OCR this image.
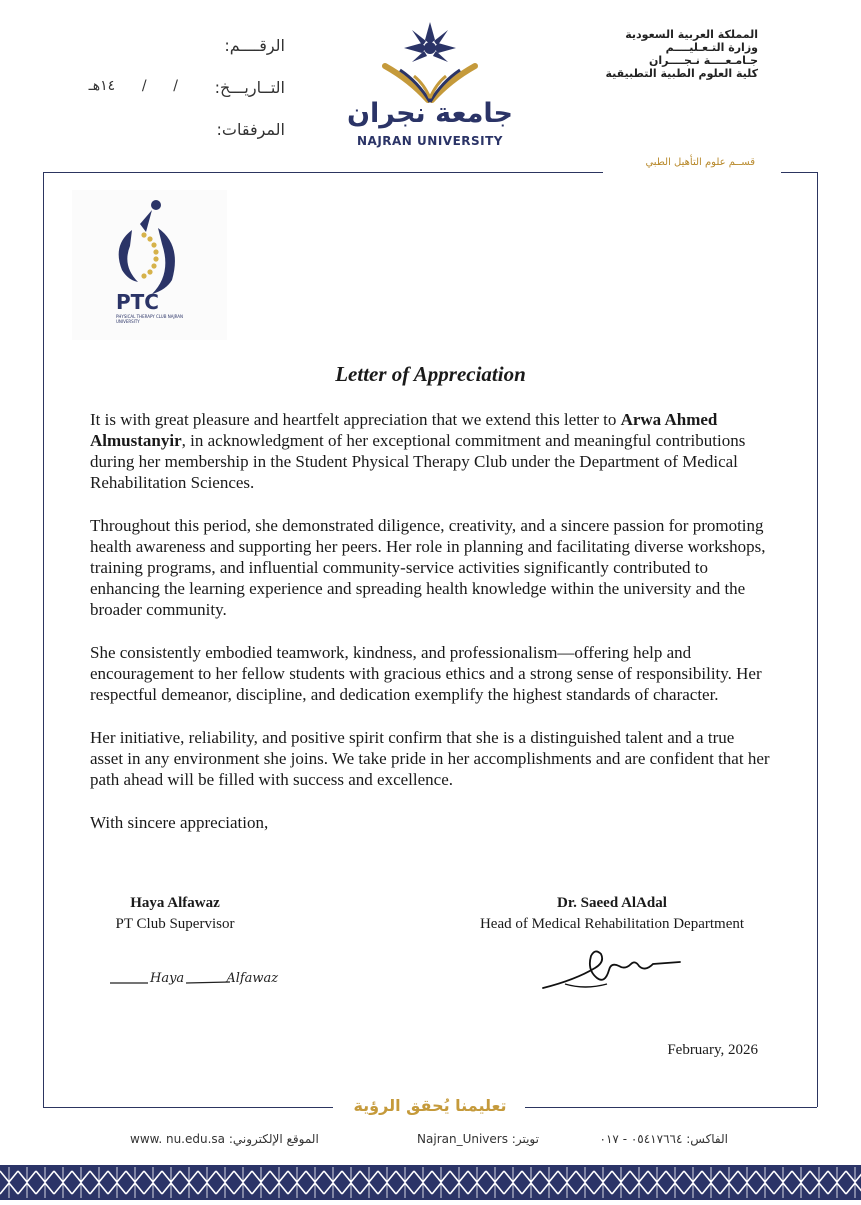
الرقــــم:
التــاريـــخ:
/      /      ١٤هـ
المرفقات:
جامعة نجران
NAJRAN UNIVERSITY
المملكة العربية السعودية
وزارة التـعـليــــم
جـامـعــــة نـجــــران
كلية العلوم الطبية التطبيقية
قســم علوم التأهيل الطبي
PTC
PHYSICAL THERAPY CLUB NAJRAN UNIVERSITY
Letter of Appreciation

It is with great pleasure and heartfelt appreciation that we extend this letter to Arwa Ahmed Almustanyir, in acknowledgment of her exceptional commitment and meaningful contributions during her membership in the Student Physical Therapy Club under the Department of Medical Rehabilitation Sciences.

Throughout this period, she demonstrated diligence, creativity, and a sincere passion for promoting health awareness and supporting her peers. Her role in planning and facilitating diverse workshops, training programs, and influential community-service activities significantly contributed to enhancing the learning experience and spreading health knowledge within the university and the broader community.

She consistently embodied teamwork, kindness, and professionalism—offering help and encouragement to her fellow students with gracious ethics and a strong sense of responsibility. Her respectful demeanor, discipline, and dedication exemplify the highest standards of character.

Her initiative, reliability, and positive spirit confirm that she is a distinguished talent and a true asset in any environment she joins. We take pride in her accomplishments and are confident that her path ahead will be filled with success and excellence.

With sincere appreciation,

Haya Alfawaz
PT Club Supervisor
Haya Alfawaz
Dr. Saeed AlAdal
Head of Medical Rehabilitation Department
February, 2026
تعليمنا يُحقق الرؤية
www. nu.edu.sa :الموقع الإلكتروني	تويتر: Najran_Univers	الفاكس: ٠٥٤١٧٦٦٤ - ٠١٧
